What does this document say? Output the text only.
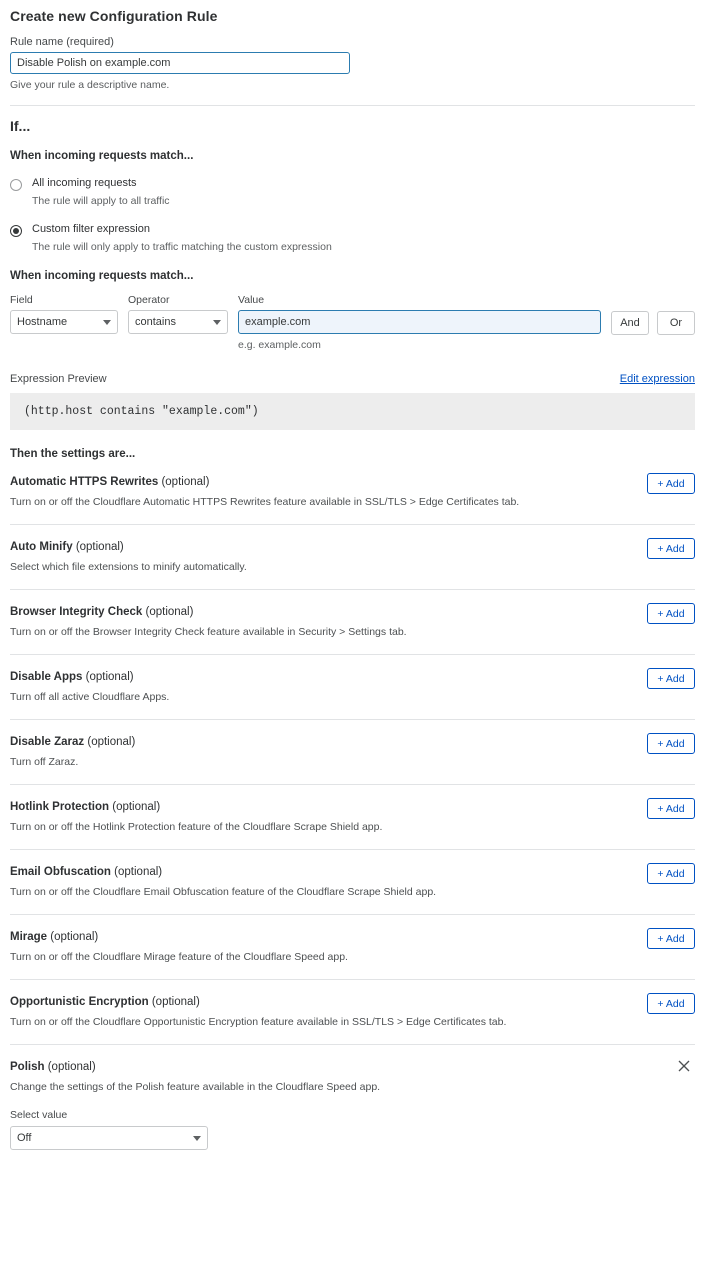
Create new Configuration Rule
Rule name (required)
Disable Polish on example.com
Give your rule a descriptive name.
If...
When incoming requests match...
All incoming requests
The rule will apply to all traffic
Custom filter expression
The rule will only apply to traffic matching the custom expression
When incoming requests match...
Field
Hostname
Operator
contains
Value
example.com
e.g. example.com
And	Or
Expression Preview	Edit expression
(http.host contains "example.com")
Then the settings are...
Automatic HTTPS Rewrites (optional)
Turn on or off the Cloudflare Automatic HTTPS Rewrites feature available in SSL/TLS > Edge Certificates tab.
+ Add
Auto Minify (optional)
Select which file extensions to minify automatically.
+ Add
Browser Integrity Check (optional)
Turn on or off the Browser Integrity Check feature available in Security > Settings tab.
+ Add
Disable Apps (optional)
Turn off all active Cloudflare Apps.
+ Add
Disable Zaraz (optional)
Turn off Zaraz.
+ Add
Hotlink Protection (optional)
Turn on or off the Hotlink Protection feature of the Cloudflare Scrape Shield app.
+ Add
Email Obfuscation (optional)
Turn on or off the Cloudflare Email Obfuscation feature of the Cloudflare Scrape Shield app.
+ Add
Mirage (optional)
Turn on or off the Cloudflare Mirage feature of the Cloudflare Speed app.
+ Add
Opportunistic Encryption (optional)
Turn on or off the Cloudflare Opportunistic Encryption feature available in SSL/TLS > Edge Certificates tab.
+ Add
Polish (optional)
Change the settings of the Polish feature available in the Cloudflare Speed app.
Select value
Off
